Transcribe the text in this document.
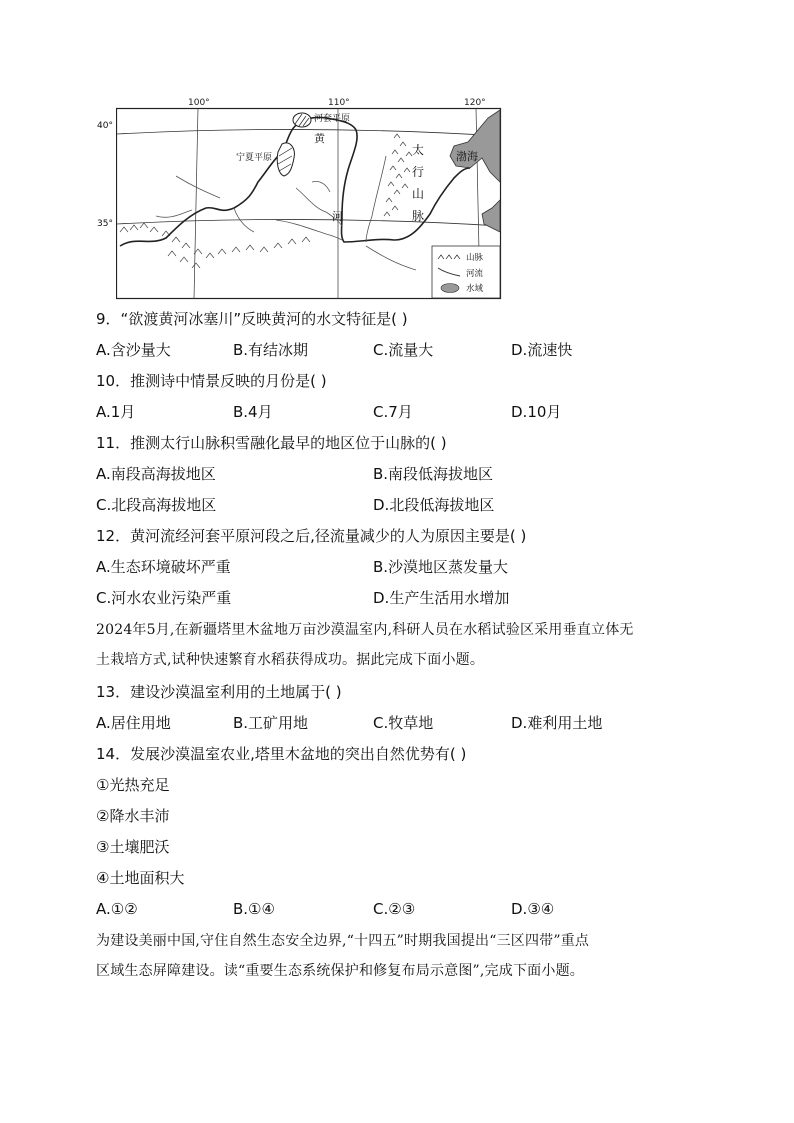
100°	110°	120°
河套平原
宁夏平原
黄
河
太
行
山
脉
渤海
山脉
河流
水域
40°
35°
9．“欲渡黄河冰塞川”反映黄河的水文特征是( )
A.含沙量大	B.有结冰期	C.流量大	D.流速快
10．推测诗中情景反映的月份是( )
A.1月	B.4月	C.7月	D.10月
11．推测太行山脉积雪融化最早的地区位于山脉的( )
A.南段高海拔地区	B.南段低海拔地区
C.北段高海拔地区	D.北段低海拔地区
12．黄河流经河套平原河段之后,径流量减少的人为原因主要是( )
A.生态环境破坏严重	B.沙漠地区蒸发量大
C.河水农业污染严重	D.生产生活用水增加
2024年5月,在新疆塔里木盆地万亩沙漠温室内,科研人员在水稻试验区采用垂直立体无
土栽培方式,试种快速繁育水稻获得成功。据此完成下面小题。
13．建设沙漠温室利用的土地属于( )
A.居住用地	B.工矿用地	C.牧草地	D.难利用土地
14．发展沙漠温室农业,塔里木盆地的突出自然优势有( )
①光热充足
②降水丰沛
③土壤肥沃
④土地面积大
A.①②	B.①④	C.②③	D.③④
为建设美丽中国,守住自然生态安全边界,“十四五”时期我国提出“三区四带”重点
区域生态屏障建设。读“重要生态系统保护和修复布局示意图”,完成下面小题。
